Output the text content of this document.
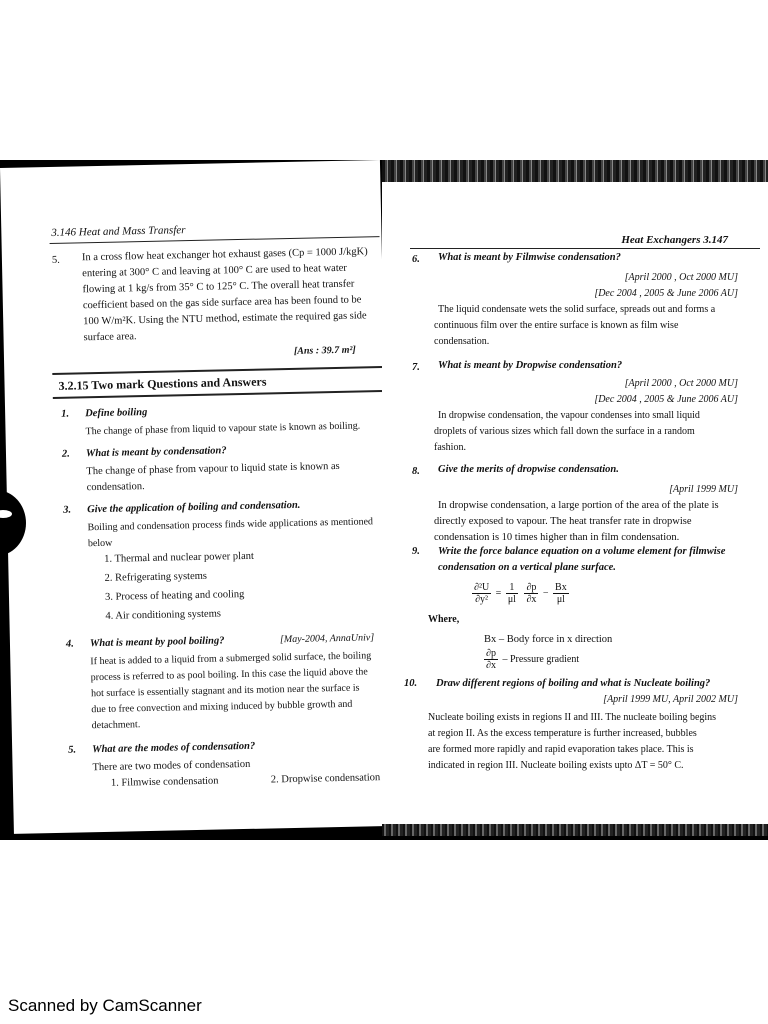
3.146 Heat and Mass Transfer
5. In a cross flow heat exchanger hot exhaust gases (Cp = 1000 J/kgK)
entering at 300° C and leaving at 100° C are used to heat water
flowing at 1 kg/s from 35° C to 125° C. The overall heat transfer
coefficient based on the gas side surface area has been found to be
100 W/m²K. Using the NTU method, estimate the required gas side
surface area.
[Ans : 39.7 m²]
3.2.15 Two mark Questions and Answers
1. Define boiling
The change of phase from liquid to vapour state is known as boiling.
2. What is meant by condensation?
The change of phase from vapour to liquid state is known as
condensation.
3. Give the application of boiling and condensation.
Boiling and condensation process finds wide applications as mentioned
below
1. Thermal and nuclear power plant
2. Refrigerating systems
3. Process of heating and cooling
4. Air conditioning systems
4. What is meant by pool boiling?	[May-2004, AnnaUniv]
If heat is added to a liquid from a submerged solid surface, the boiling
process is referred to as pool boiling. In this case the liquid above the
hot surface is essentially stagnant and its motion near the surface is
due to free convection and mixing induced by bubble growth and
detachment.
5. What are the modes of condensation?
There are two modes of condensation
1. Filmwise condensation	2. Dropwise condensation
Heat Exchangers 3.147
6. What is meant by Filmwise condensation?
[April 2000 , Oct 2000 MU]
[Dec 2004 , 2005 & June 2006 AU]
The liquid condensate wets the solid surface, spreads out and forms a
continuous film over the entire surface is known as film wise
condensation.
7. What is meant by Dropwise condensation?
[April 2000 , Oct 2000 MU]
[Dec 2004 , 2005 & June 2006 AU]
In dropwise condensation, the vapour condenses into small liquid
droplets of various sizes which fall down the surface in a random
fashion.
8. Give the merits of dropwise condensation.
[April 1999 MU]
In dropwise condensation, a large portion of the area of the plate is
directly exposed to vapour. The heat transfer rate in dropwise
condensation is 10 times higher than in film condensation.
9. Write the force balance equation on a volume element for filmwise
condensation on a vertical plane surface.
$\frac{\text{∂²U}}{\text{∂y²}} = \frac{1}{\mu l}$
$\frac{\partial p}{\partial x} - \frac{Bx}{\mu l}$
Where,
Bx – Body force in x direction
$\frac{\partial p}{\partial x}$ – Pressure gradient
10. Draw different regions of boiling and what is Nucleate boiling?
[April 1999 MU, April 2002 MU]
Nucleate boiling exists in regions II and III. The nucleate boiling begins
at region II. As the excess temperature is further increased, bubbles
are formed more rapidly and rapid evaporation takes place. This is
indicated in region III. Nucleate boiling exists upto ΔT = 50° C.
Scanned by CamScanner
